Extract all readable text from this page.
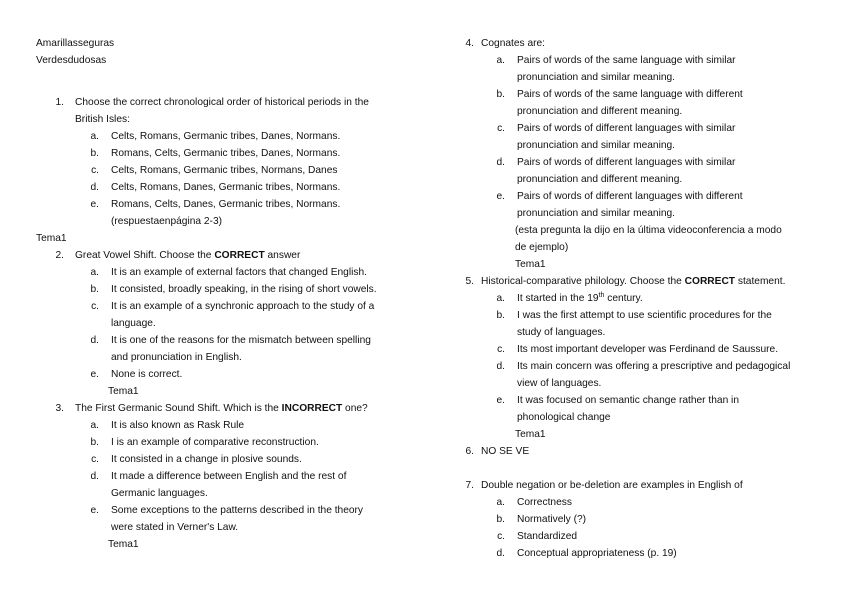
Amarillasseguras
Verdesdudosas
1. Choose the correct chronological order of historical periods in the
British Isles:
a. Celts, Romans, Germanic tribes, Danes, Normans.
b. Romans, Celts, Germanic tribes, Danes, Normans.
c. Celts, Romans, Germanic tribes, Normans, Danes
d. Celts, Romans, Danes, Germanic tribes, Normans.
e. Romans, Celts, Danes, Germanic tribes, Normans.
(respuestaenpágina 2-3)
Tema1
2. Great Vowel Shift. Choose the CORRECT answer
a. It is an example of external factors that changed English.
b. It consisted, broadly speaking, in the rising of short vowels.
c. It is an example of a synchronic approach to the study of a
language.
d. It is one of the reasons for the mismatch between spelling
and pronunciation in English.
e. None is correct.
Tema1
3. The First Germanic Sound Shift. Which is the INCORRECT one?
a. It is also known as Rask Rule
b. I is an example of comparative reconstruction.
c. It consisted in a change in plosive sounds.
d. It made a difference between English and the rest of
Germanic languages.
e. Some exceptions to the patterns described in the theory
were stated in Verner's Law.
Tema1
4. Cognates are:
a. Pairs of words of the same language with similar
pronunciation and similar meaning.
b. Pairs of words of the same language with different
pronunciation and different meaning.
c. Pairs of words of different languages with similar
pronunciation and similar meaning.
d. Pairs of words of different languages with similar
pronunciation and different meaning.
e. Pairs of words of different languages with different
pronunciation and similar meaning.
(esta pregunta la dijo en la última videoconferencia a modo
de ejemplo)
Tema1
5. Historical-comparative philology. Choose the CORRECT statement.
a. It started in the 19th century.
b. I was the first attempt to use scientific procedures for the
study of languages.
c. Its most important developer was Ferdinand de Saussure.
d. Its main concern was offering a prescriptive and pedagogical
view of languages.
e. It was focused on semantic change rather than in
phonological change
Tema1
6. NO SE VE
7. Double negation or be-deletion are examples in English of
a. Correctness
b. Normatively (?)
c. Standardized
d. Conceptual appropriateness (p. 19)
